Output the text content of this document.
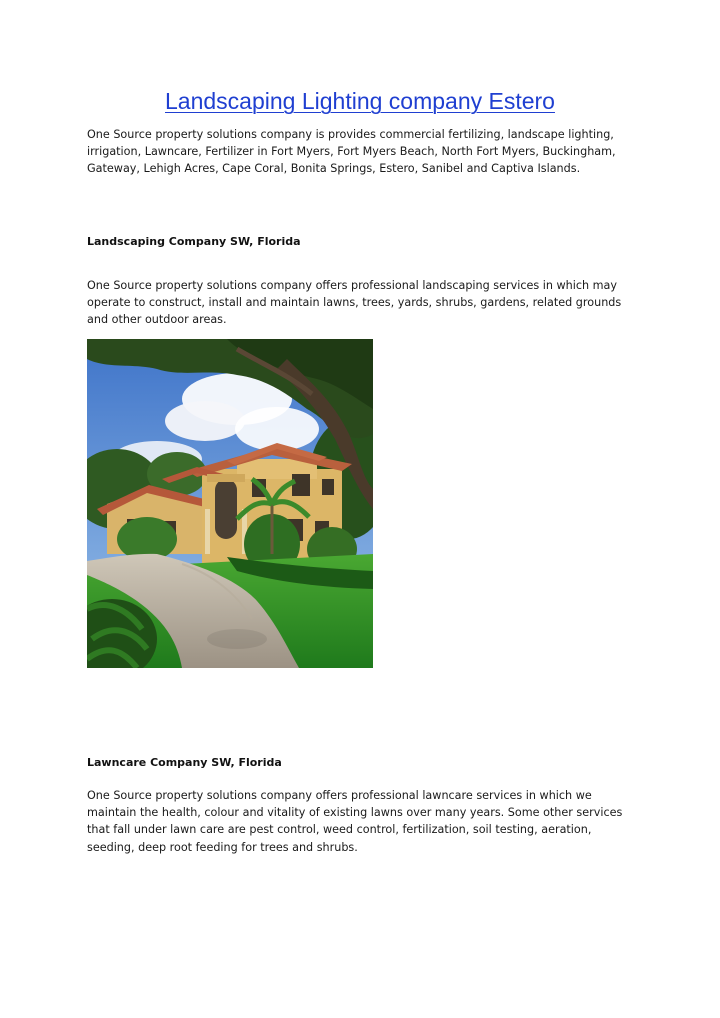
Landscaping Lighting company Estero

One Source property solutions company is provides commercial fertilizing, landscape lighting, irrigation, Lawncare, Fertilizer in Fort Myers, Fort Myers Beach, North Fort Myers, Buckingham, Gateway, Lehigh Acres, Cape Coral, Bonita Springs, Estero, Sanibel and Captiva Islands.

Landscaping Company SW, Florida

One Source property solutions company offers professional landscaping services in which may operate to construct, install and maintain lawns, trees, yards, shrubs, gardens, related grounds and other outdoor areas.

Lawncare Company SW, Florida

One Source property solutions company offers professional lawncare services in which we maintain the health, colour and vitality of existing lawns over many years. Some other services that fall under lawn care are pest control, weed control, fertilization, soil testing, aeration, seeding, deep root feeding for trees and shrubs.
